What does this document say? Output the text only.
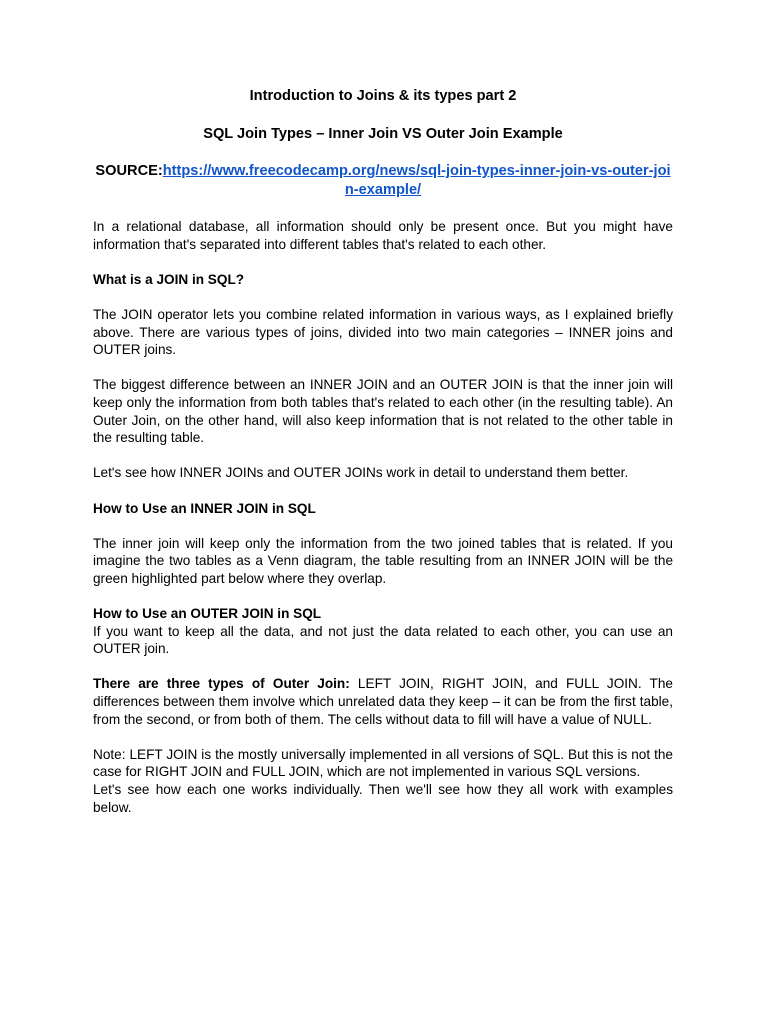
Introduction to Joins & its types part 2
SQL Join Types – Inner Join VS Outer Join Example
SOURCE:https://www.freecodecamp.org/news/sql-join-types-inner-join-vs-outer-join-example/

In a relational database, all information should only be present once. But you might have information that's separated into different tables that's related to each other.

What is a JOIN in SQL?

The JOIN operator lets you combine related information in various ways, as I explained briefly above. There are various types of joins, divided into two main categories – INNER joins and OUTER joins.

The biggest difference between an INNER JOIN and an OUTER JOIN is that the inner join will keep only the information from both tables that's related to each other (in the resulting table). An Outer Join, on the other hand, will also keep information that is not related to the other table in the resulting table.

Let's see how INNER JOINs and OUTER JOINs work in detail to understand them better.

How to Use an INNER JOIN in SQL

The inner join will keep only the information from the two joined tables that is related. If you imagine the two tables as a Venn diagram, the table resulting from an INNER JOIN will be the green highlighted part below where they overlap.

How to Use an OUTER JOIN in SQL

If you want to keep all the data, and not just the data related to each other, you can use an OUTER join.

There are three types of Outer Join: LEFT JOIN, RIGHT JOIN, and FULL JOIN. The differences between them involve which unrelated data they keep – it can be from the first table, from the second, or from both of them. The cells without data to fill will have a value of NULL.

Note: LEFT JOIN is the mostly universally implemented in all versions of SQL. But this is not the case for RIGHT JOIN and FULL JOIN, which are not implemented in various SQL versions.

Let's see how each one works individually. Then we'll see how they all work with examples below.
